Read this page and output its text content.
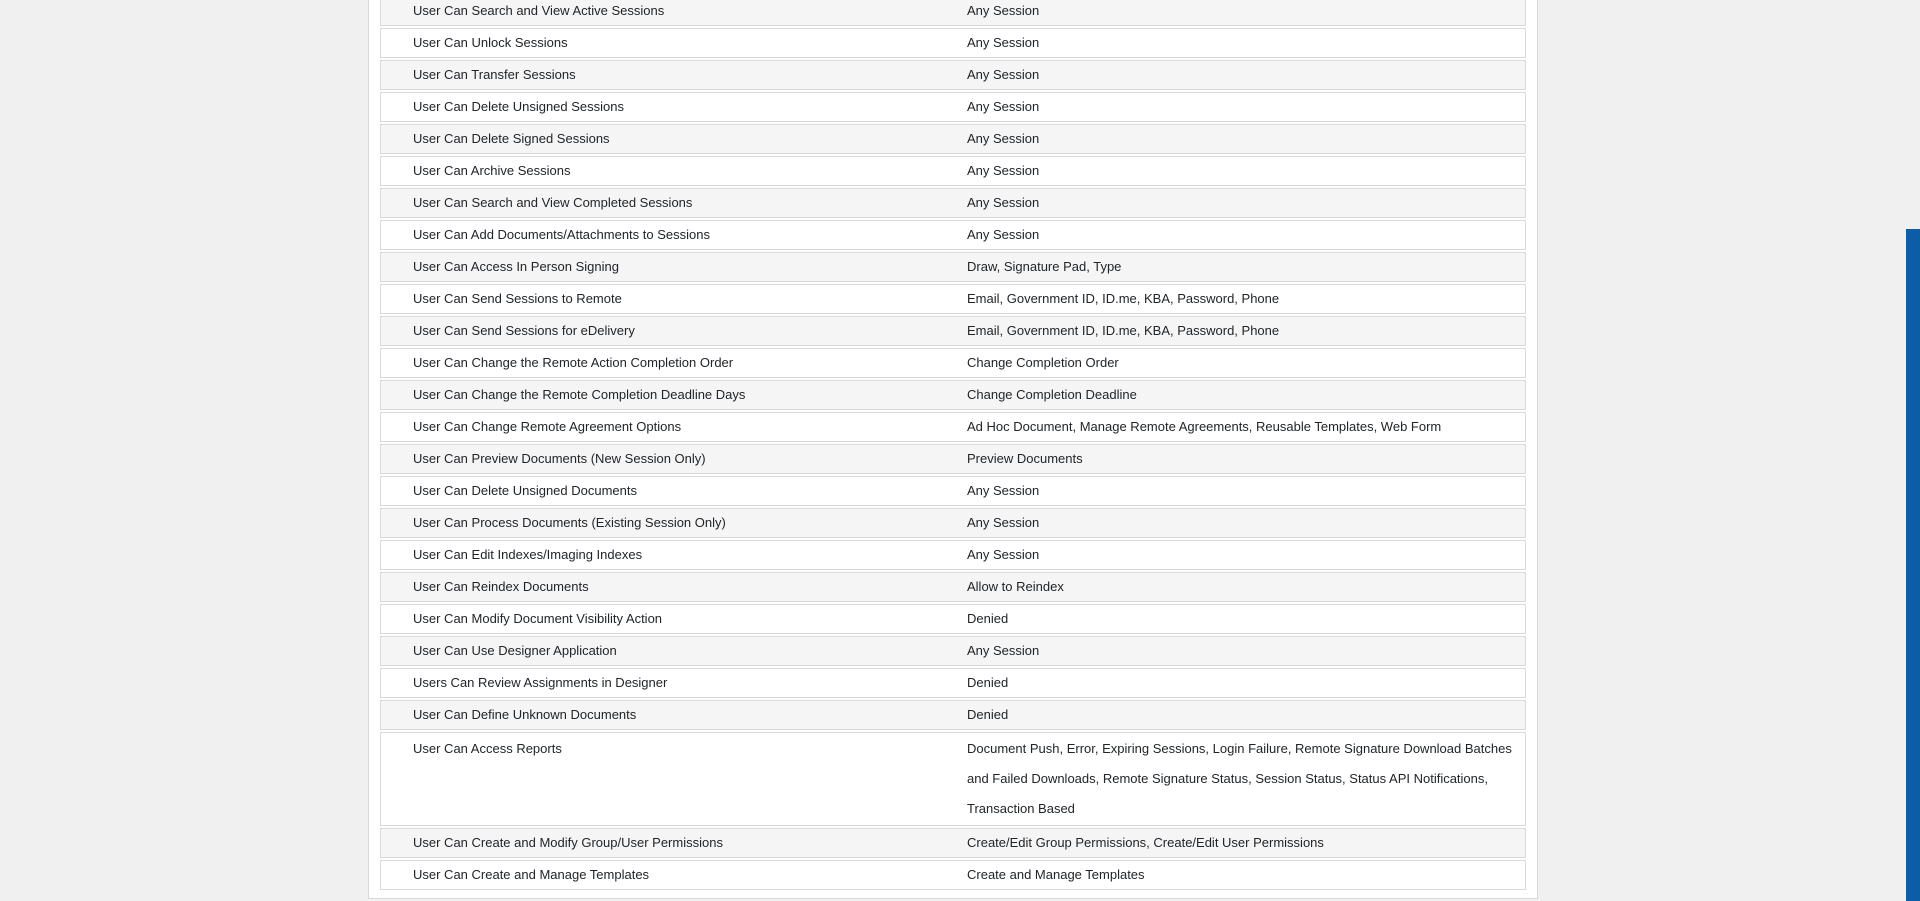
User Can Search and View Active Sessions	Any Session
User Can Unlock Sessions	Any Session
User Can Transfer Sessions	Any Session
User Can Delete Unsigned Sessions	Any Session
User Can Delete Signed Sessions	Any Session
User Can Archive Sessions	Any Session
User Can Search and View Completed Sessions	Any Session
User Can Add Documents/Attachments to Sessions	Any Session
User Can Access In Person Signing	Draw, Signature Pad, Type
User Can Send Sessions to Remote	Email, Government ID, ID.me, KBA, Password, Phone
User Can Send Sessions for eDelivery	Email, Government ID, ID.me, KBA, Password, Phone
User Can Change the Remote Action Completion Order	Change Completion Order
User Can Change the Remote Completion Deadline Days	Change Completion Deadline
User Can Change Remote Agreement Options	Ad Hoc Document, Manage Remote Agreements, Reusable Templates, Web Form
User Can Preview Documents (New Session Only)	Preview Documents
User Can Delete Unsigned Documents	Any Session
User Can Process Documents (Existing Session Only)	Any Session
User Can Edit Indexes/Imaging Indexes	Any Session
User Can Reindex Documents	Allow to Reindex
User Can Modify Document Visibility Action	Denied
User Can Use Designer Application	Any Session
Users Can Review Assignments in Designer	Denied
User Can Define Unknown Documents	Denied
User Can Access Reports	Document Push, Error, Expiring Sessions, Login Failure, Remote Signature Download Batches and Failed Downloads, Remote Signature Status, Session Status, Status API Notifications, Transaction Based
User Can Create and Modify Group/User Permissions	Create/Edit Group Permissions, Create/Edit User Permissions
User Can Create and Manage Templates	Create and Manage Templates
